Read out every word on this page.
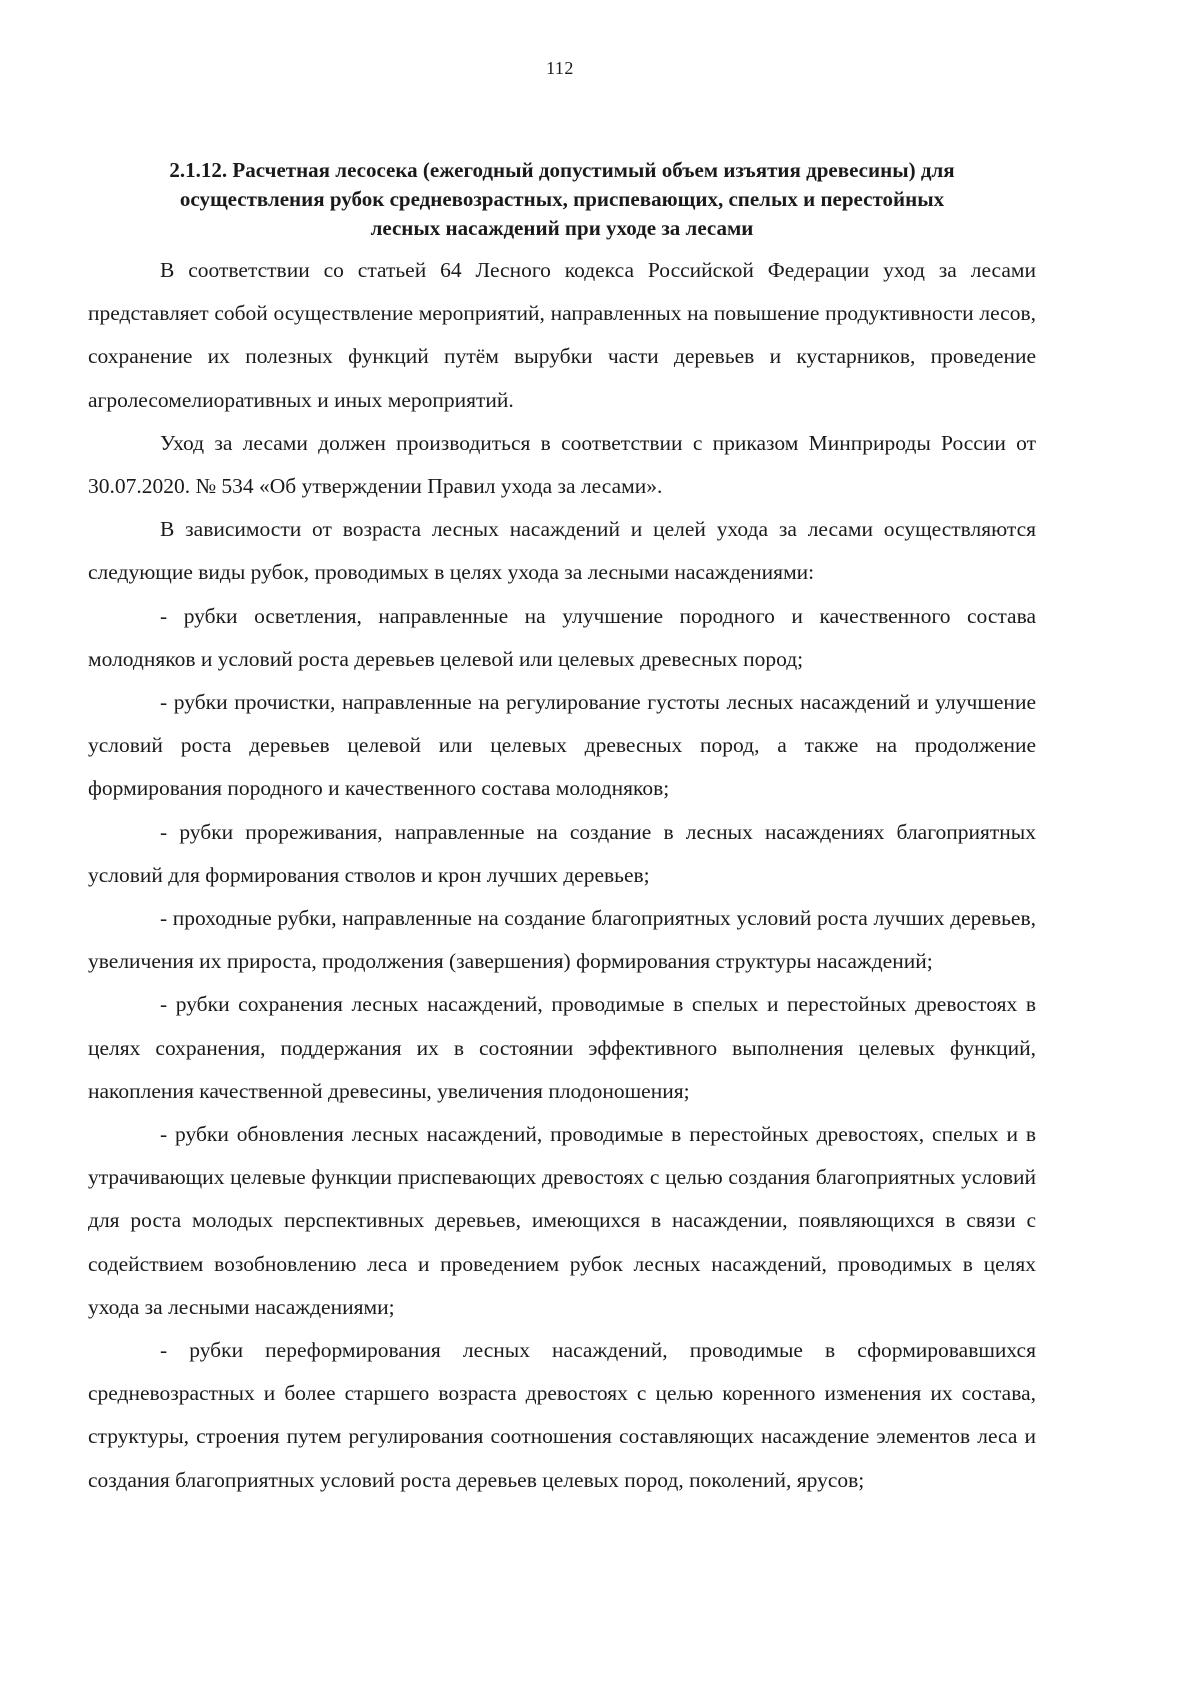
112
2.1.12. Расчетная лесосека (ежегодный допустимый объем изъятия древесины) для
осуществления рубок средневозрастных, приспевающих, спелых и перестойных
лесных насаждений при уходе за лесами

В соответствии со статьей 64 Лесного кодекса Российской Федерации уход за лесами представляет собой осуществление мероприятий, направленных на повышение продуктивности лесов, сохранение их полезных функций путём вырубки части деревьев и кустарников, проведение агролесомелиоративных и иных мероприятий.

Уход за лесами должен производиться в соответствии с приказом Минприроды России от 30.07.2020. № 534 «Об утверждении Правил ухода за лесами».

В зависимости от возраста лесных насаждений и целей ухода за лесами осуществляются следующие виды рубок, проводимых в целях ухода за лесными насаждениями:

- рубки осветления, направленные на улучшение породного и качественного состава молодняков и условий роста деревьев целевой или целевых древесных пород;

- рубки прочистки, направленные на регулирование густоты лесных насаждений и улучшение условий роста деревьев целевой или целевых древесных пород, а также на продолжение формирования породного и качественного состава молодняков;

- рубки прореживания, направленные на создание в лесных насаждениях благоприятных условий для формирования стволов и крон лучших деревьев;

- проходные рубки, направленные на создание благоприятных условий роста лучших деревьев, увеличения их прироста, продолжения (завершения) формирования структуры насаждений;

- рубки сохранения лесных насаждений, проводимые в спелых и перестойных древостоях в целях сохранения, поддержания их в состоянии эффективного выполнения целевых функций, накопления качественной древесины, увеличения плодоношения;

- рубки обновления лесных насаждений, проводимые в перестойных древостоях, спелых и в утрачивающих целевые функции приспевающих древостоях с целью создания благоприятных условий для роста молодых перспективных деревьев, имеющихся в насаждении, появляющихся в связи с содействием возобновлению леса и проведением рубок лесных насаждений, проводимых в целях ухода за лесными насаждениями;

- рубки переформирования лесных насаждений, проводимые в сформировавшихся средневозрастных и более старшего возраста древостоях с целью коренного изменения их состава, структуры, строения путем регулирования соотношения составляющих насаждение элементов леса и создания благоприятных условий роста деревьев целевых пород, поколений, ярусов;
